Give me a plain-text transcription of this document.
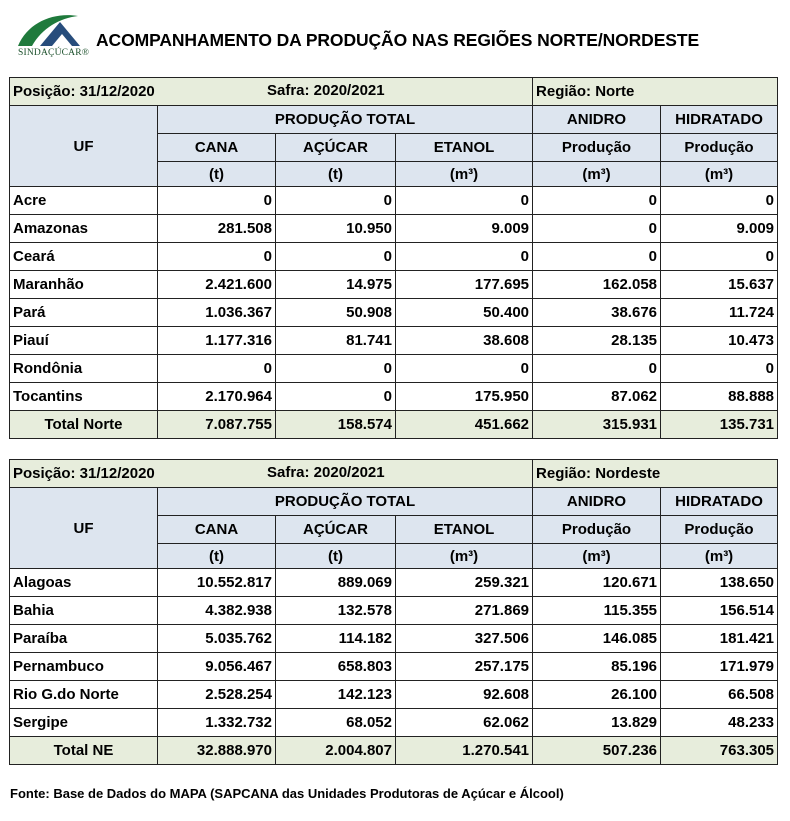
SINDAÇÚCAR®
ACOMPANHAMENTO DA PRODUÇÃO NAS REGIÕES NORTE/NORDESTE
Posição: 31/12/2020 Safra: 2020/2021				Região: Norte	
UF	PRODUÇÃO TOTAL			ANIDRO	HIDRATADO
	CANA	AÇÚCAR	ETANOL	Produção	Produção
	(t)	(t)	(m³)	(m³)	(m³)
Acre	0	0	0	0	0
Amazonas	281.508	10.950	9.009	0	9.009
Ceará	0	0	0	0	0
Maranhão	2.421.600	14.975	177.695	162.058	15.637
Pará	1.036.367	50.908	50.400	38.676	11.724
Piauí	1.177.316	81.741	38.608	28.135	10.473
Rondônia	0	0	0	0	0
Tocantins	2.170.964	0	175.950	87.062	88.888
Total Norte	7.087.755	158.574	451.662	315.931	135.731
Posição: 31/12/2020 Safra: 2020/2021				Região: Nordeste	
UF	PRODUÇÃO TOTAL			ANIDRO	HIDRATADO
	CANA	AÇÚCAR	ETANOL	Produção	Produção
	(t)	(t)	(m³)	(m³)	(m³)
Alagoas	10.552.817	889.069	259.321	120.671	138.650
Bahia	4.382.938	132.578	271.869	115.355	156.514
Paraíba	5.035.762	114.182	327.506	146.085	181.421
Pernambuco	9.056.467	658.803	257.175	85.196	171.979
Rio G.do Norte	2.528.254	142.123	92.608	26.100	66.508
Sergipe	1.332.732	68.052	62.062	13.829	48.233
Total NE	32.888.970	2.004.807	1.270.541	507.236	763.305
Fonte: Base de Dados do MAPA (SAPCANA das Unidades Produtoras de Açúcar e Álcool)
